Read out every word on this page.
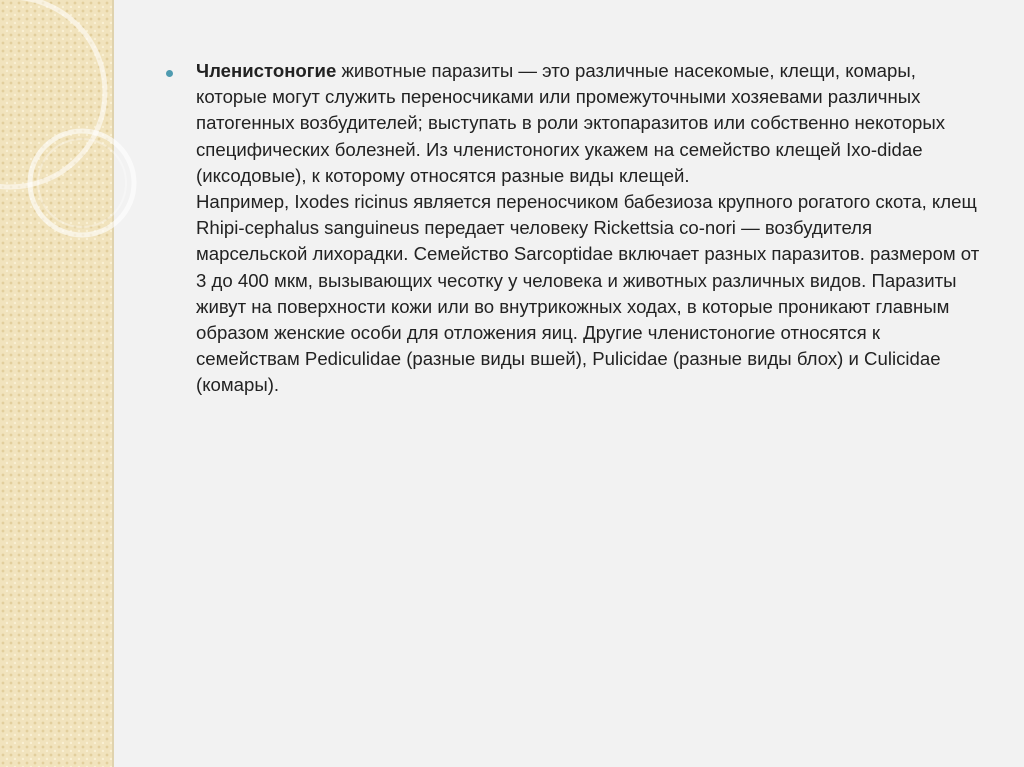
Членистоногие животные паразиты — это различные насекомые, клещи, комары, которые могут служить переносчиками или промежуточными хозяевами различных патогенных возбудителей; выступать в роли эктопаразитов или собственно некоторых специфических болезней. Из членистоногих укажем на семейство клещей Ixo-didae (иксодовые), к которому относятся разные виды клещей.

Например, Ixodes ricinus является переносчиком бабезиоза крупного рогатого скота, клещ Rhipi-cephalus sanguineus передает человеку Rickettsia co-nori — возбудителя марсельской лихорадки. Семейство Sarcoptidae включает разных паразитов. размером от 3 до 400 мкм, вызывающих чесотку у человека и животных различных видов. Паразиты живут на поверхности кожи или во внутрикожных ходах, в которые проникают главным образом женские особи для отложения яиц. Другие членистоногие относятся к семействам Pediculidae (разные виды вшей), Pulicidae (разные виды блох) и Culicidae (комары).
